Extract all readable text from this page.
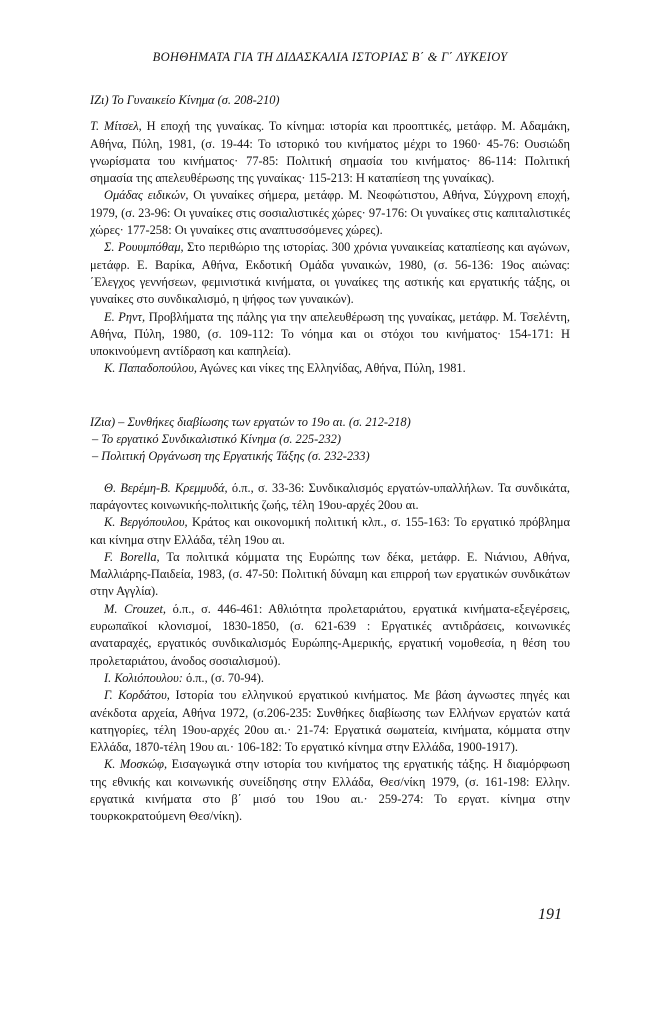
ΒΟΗΘΗΜΑΤΑ ΓΙΑ ΤΗ ΔΙΔΑΣΚΑΛΙΑ ΙΣΤΟΡΙΑΣ Β΄ & Γ΄ ΛΥΚΕΙΟΥ

ΙΖι) Το Γυναικείο Κίνημα (σ. 208-210)

Τ. Μίτσελ, Η εποχή της γυναίκας. Το κίνημα: ιστορία και προοπτικές, μετάφρ. Μ. Αδαμάκη, Αθήνα, Πύλη, 1981, (σ. 19-44: Το ιστορικό του κινήματος μέχρι το 1960· 45-76: Ουσιώδη γνωρίσματα του κινήματος· 77-85: Πολιτική σημασία του κινήματος· 86-114: Πολιτική σημασία της απελευθέρωσης της γυναίκας· 115-213: Η καταπίεση της γυναίκας).

Ομάδας ειδικών, Οι γυναίκες σήμερα, μετάφρ. Μ. Νεοφώτιστου, Αθήνα, Σύγχρονη εποχή, 1979, (σ. 23-96: Οι γυναίκες στις σοσιαλιστικές χώρες· 97-176: Οι γυναίκες στις καπιταλιστικές χώρες· 177-258: Οι γυναίκες στις αναπτυσσόμενες χώρες).

Σ. Ρουυμπόθαμ, Στο περιθώριο της ιστορίας. 300 χρόνια γυναικείας καταπίεσης και αγώνων, μετάφρ. Ε. Βαρίκα, Αθήνα, Εκδοτική Ομάδα γυναικών, 1980, (σ. 56-136: 19ος αιώνας: ΄Ελεγχος γεννήσεων, φεμινιστικά κινήματα, οι γυναίκες της αστικής και εργατικής τάξης, οι γυναίκες στο συνδικαλισμό, η ψήφος των γυναικών).

Ε. Ρηντ, Προβλήματα της πάλης για την απελευθέρωση της γυναίκας, μετάφρ. Μ. Τσελέντη, Αθήνα, Πύλη, 1980, (σ. 109-112: Το νόημα και οι στόχοι του κινήματος· 154-171: Η υποκινούμενη αντίδραση και καπηλεία).

Κ. Παπαδοπούλου, Αγώνες και νίκες της Ελληνίδας, Αθήνα, Πύλη, 1981.

ΙΖια) – Συνθήκες διαβίωσης των εργατών το 19ο αι. (σ. 212-218)

– Το εργατικό Συνδικαλιστικό Κίνημα (σ. 225-232)

– Πολιτική Οργάνωση της Εργατικής Τάξης (σ. 232-233)

Θ. Βερέμη-Β. Κρεμμυδά, ό.π., σ. 33-36: Συνδικαλισμός εργατών-υπαλλήλων. Τα συνδικάτα, παράγοντες κοινωνικής-πολιτικής ζωής, τέλη 19ου-αρχές 20ου αι.

Κ. Βεργόπουλου, Κράτος και οικονομική πολιτική κλπ., σ. 155-163: Το εργατικό πρόβλημα και κίνημα στην Ελλάδα, τέλη 19ου αι.

F. Borella, Τα πολιτικά κόμματα της Ευρώπης των δέκα, μετάφρ. Ε. Νιάνιου, Αθήνα, Μαλλιάρης-Παιδεία, 1983, (σ. 47-50: Πολιτική δύναμη και επιρροή των εργατικών συνδικάτων στην Αγγλία).

M. Crouzet, ό.π., σ. 446-461: Αθλιότητα προλεταριάτου, εργατικά κινήματα-εξεγέρσεις, ευρωπαϊκοί κλονισμοί, 1830-1850, (σ. 621-639 : Εργατικές αντιδράσεις, κοινωνικές αναταραχές, εργατικός συνδικαλισμός Ευρώπης-Αμερικής, εργατική νομοθεσία, η θέση του προλεταριάτου, άνοδος σοσιαλισμού).

Ι. Κολιόπουλου: ό.π., (σ. 70-94).

Γ. Κορδάτου, Ιστορία του ελληνικού εργατικού κινήματος. Με βάση άγνωστες πηγές και ανέκδοτα αρχεία, Αθήνα 1972, (σ.206-235: Συνθήκες διαβίωσης των Ελλήνων εργατών κατά κατηγορίες, τέλη 19ου-αρχές 20ου αι.· 21-74: Εργατικά σωματεία, κινήματα, κόμματα στην Ελλάδα, 1870-τέλη 19ου αι.· 106-182: Το εργατικό κίνημα στην Ελλάδα, 1900-1917).

Κ. Μοσκώφ, Εισαγωγικά στην ιστορία του κινήματος της εργατικής τάξης. Η διαμόρφωση της εθνικής και κοινωνικής συνείδησης στην Ελλάδα, Θεσ/νίκη 1979, (σ. 161-198: Ελλην. εργατικά κινήματα στο β΄ μισό του 19ου αι.· 259-274: Το εργατ. κίνημα στην τουρκοκρατούμενη Θεσ/νίκη).

191
